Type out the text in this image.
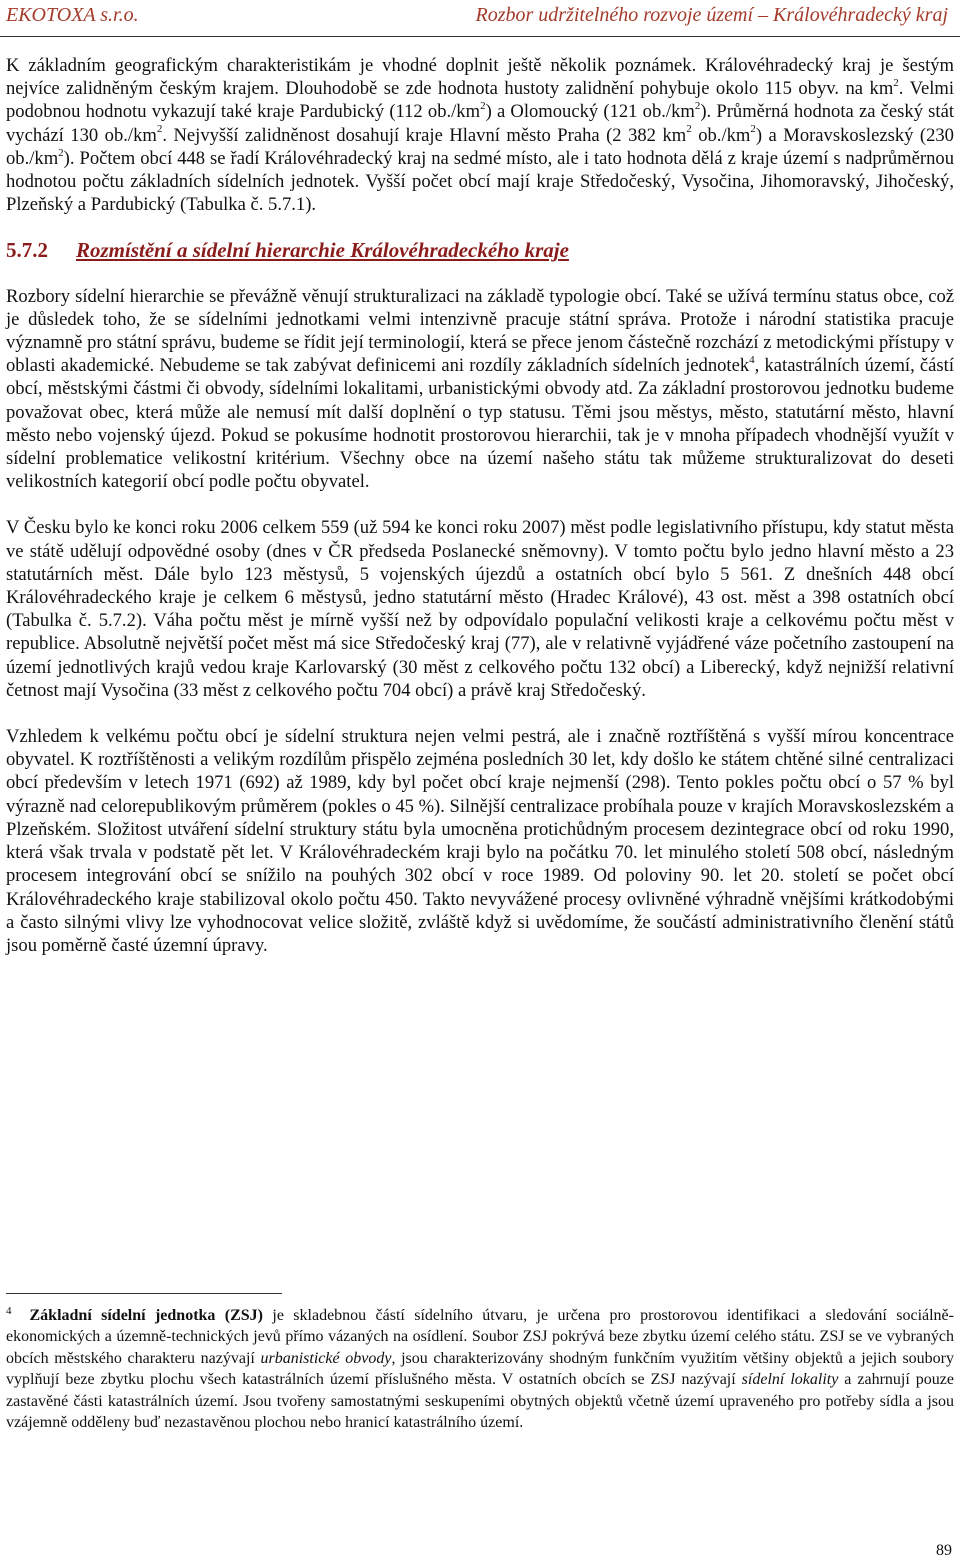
EKOTOXA s.r.o.	Rozbor udržitelného rozvoje území – Královéhradecký kraj

K základním geografickým charakteristikám je vhodné doplnit ještě několik poznámek. Královéhradecký kraj je šestým nejvíce zalidněným českým krajem. Dlouhodobě se zde hodnota hustoty zalidnění pohybuje okolo 115 obyv. na $km^2$. Velmi podobnou hodnotu vykazují také kraje Pardubický (112 $ob./km^2$) a Olomoucký (121 $ob./km^2$). Průměrná hodnota za český stát vychází 130 $ob./km^2$. Nejvyšší zalidněnost dosahují kraje Hlavní město Praha (2 382 $km^2$ $ob./km^2$) a Moravskoslezský (230 $ob./km^2$). Počtem obcí 448 se řadí Královéhradecký kraj na sedmé místo, ale i tato hodnota dělá z kraje území s nadprůměrnou hodnotou počtu základních sídelních jednotek. Vyšší počet obcí mají kraje Středočeský, Vysočina, Jihomoravský, Jihočeský, Plzeňský a Pardubický (Tabulka č. 5.7.1).

5.7.2 Rozmístění a sídelní hierarchie Královéhradeckého kraje

Rozbory sídelní hierarchie se převážně věnují strukturalizaci na základě typologie obcí. Také se užívá termínu status obce, což je důsledek toho, že se sídelními jednotkami velmi intenzivně pracuje státní správa. Protože i národní statistika pracuje významně pro státní správu, budeme se řídit její terminologií, která se přece jenom částečně rozchází z metodickými přístupy v oblasti akademické. Nebudeme se tak zabývat definicemi ani rozdíly základních sídelních jednotek$^4$, katastrálních území, částí obcí, městskými částmi či obvody, sídelními lokalitami, urbanistickými obvody atd. Za základní prostorovou jednotku budeme považovat obec, která může ale nemusí mít další doplnění o typ statusu. Těmi jsou městys, město, statutární město, hlavní město nebo vojenský újezd. Pokud se pokusíme hodnotit prostorovou hierarchii, tak je v mnoha případech vhodnější využít v sídelní problematice velikostní kritérium. Všechny obce na území našeho státu tak můžeme strukturalizovat do deseti velikostních kategorií obcí podle počtu obyvatel.

V Česku bylo ke konci roku 2006 celkem 559 (už 594 ke konci roku 2007) měst podle legislativního přístupu, kdy statut města ve státě udělují odpovědné osoby (dnes v ČR předseda Poslanecké sněmovny). V tomto počtu bylo jedno hlavní město a 23 statutárních měst. Dále bylo 123 městysů, 5 vojenských újezdů a ostatních obcí bylo 5 561. Z dnešních 448 obcí Královéhradeckého kraje je celkem 6 městysů, jedno statutární město (Hradec Králové), 43 ost. měst a 398 ostatních obcí (Tabulka č. 5.7.2). Váha počtu měst je mírně vyšší než by odpovídalo populační velikosti kraje a celkovému počtu měst v republice. Absolutně největší počet měst má sice Středočeský kraj (77), ale v relativně vyjádřené váze početního zastoupení na území jednotlivých krajů vedou kraje Karlovarský (30 měst z celkového počtu 132 obcí) a Liberecký, když nejnižší relativní četnost mají Vysočina (33 měst z celkového počtu 704 obcí) a právě kraj Středočeský.

Vzhledem k velkému počtu obcí je sídelní struktura nejen velmi pestrá, ale i značně roztříštěná s vyšší mírou koncentrace obyvatel. K roztříštěnosti a velikým rozdílům přispělo zejména posledních 30 let, kdy došlo ke státem chtěné silné centralizaci obcí především v letech 1971 (692) až 1989, kdy byl počet obcí kraje nejmenší (298). Tento pokles počtu obcí o 57 % byl výrazně nad celorepublikovým průměrem (pokles o 45 %). Silnější centralizace probíhala pouze v krajích Moravskoslezském a Plzeňském. Složitost utváření sídelní struktury státu byla umocněna protichůdným procesem dezintegrace obcí od roku 1990, která však trvala v podstatě pět let. V Královéhradeckém kraji bylo na počátku 70. let minulého století 508 obcí, následným procesem integrování obcí se snížilo na pouhých 302 obcí v roce 1989. Od poloviny 90. let 20. století se počet obcí Královéhradeckého kraje stabilizoval okolo počtu 450. Takto nevyvážené procesy ovlivněné výhradně vnějšími krátkodobými a často silnými vlivy lze vyhodnocovat velice složitě, zvláště když si uvědomíme, že součástí administrativního členění států jsou poměrně časté územní úpravy.

$^4$ Základní sídelní jednotka (ZSJ) je skladebnou částí sídelního útvaru, je určena pro prostorovou identifikaci a sledování sociálně-ekonomických a územně-technických jevů přímo vázaných na osídlení. Soubor ZSJ pokrývá beze zbytku území celého státu. ZSJ se ve vybraných obcích městského charakteru nazývají urbanistické obvody, jsou charakterizovány shodným funkčním využitím většiny objektů a jejich soubory vyplňují beze zbytku plochu všech katastrálních území příslušného města. V ostatních obcích se ZSJ nazývají sídelní lokality a zahrnují pouze zastavěné části katastrálních území. Jsou tvořeny samostatnými seskupeními obytných objektů včetně území upraveného pro potřeby sídla a jsou vzájemně odděleny buď nezastavěnou plochou nebo hranicí katastrálního území.
89
